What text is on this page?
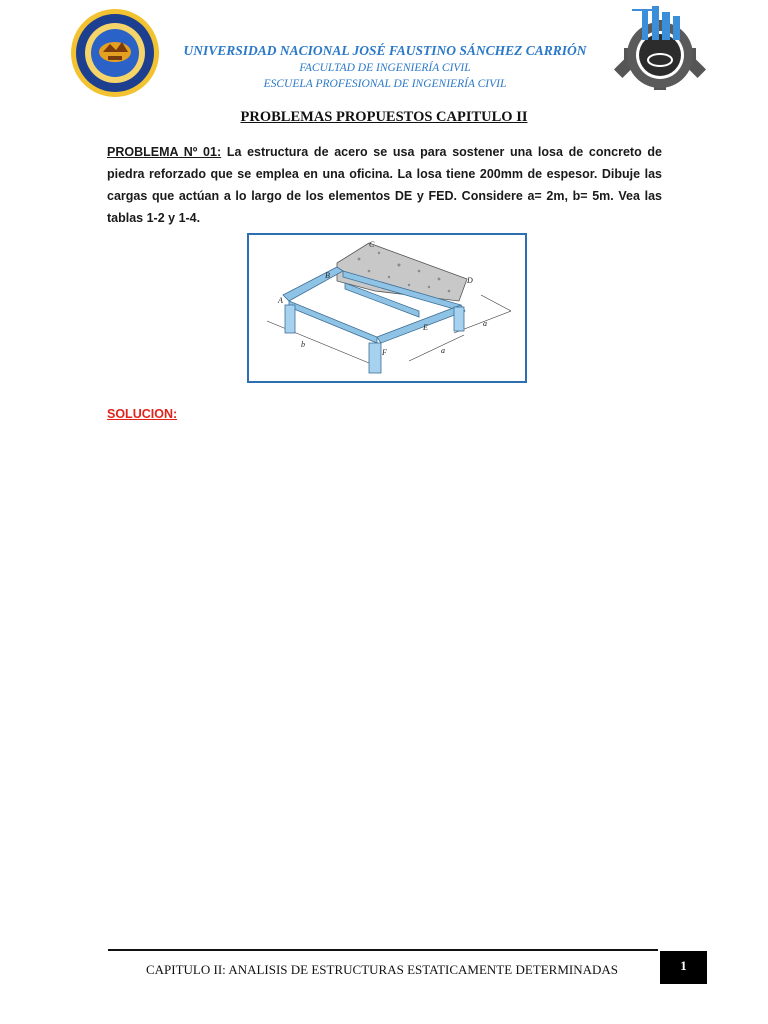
UNIVERSIDAD NACIONAL JOSÉ FAUSTINO SÁNCHEZ CARRIÓN
FACULTAD DE INGENIERÍA CIVIL
ESCUELA PROFESIONAL DE INGENIERÍA CIVIL
PROBLEMAS PROPUESTOS CAPITULO II
PROBLEMA Nº 01: La estructura de acero se usa para sostener una losa de concreto de piedra reforzado que se emplea en una oficina. La losa tiene 200mm de espesor. Dibuje las cargas que actúan a lo largo de los elementos DE y FED. Considere a= 2m, b= 5m. Vea las tablas 1-2 y 1-4.
A
B
C
D
E
F
a
a
b
SOLUCION:
CAPITULO II: ANALISIS DE ESTRUCTURAS ESTATICAMENTE DETERMINADAS	1
